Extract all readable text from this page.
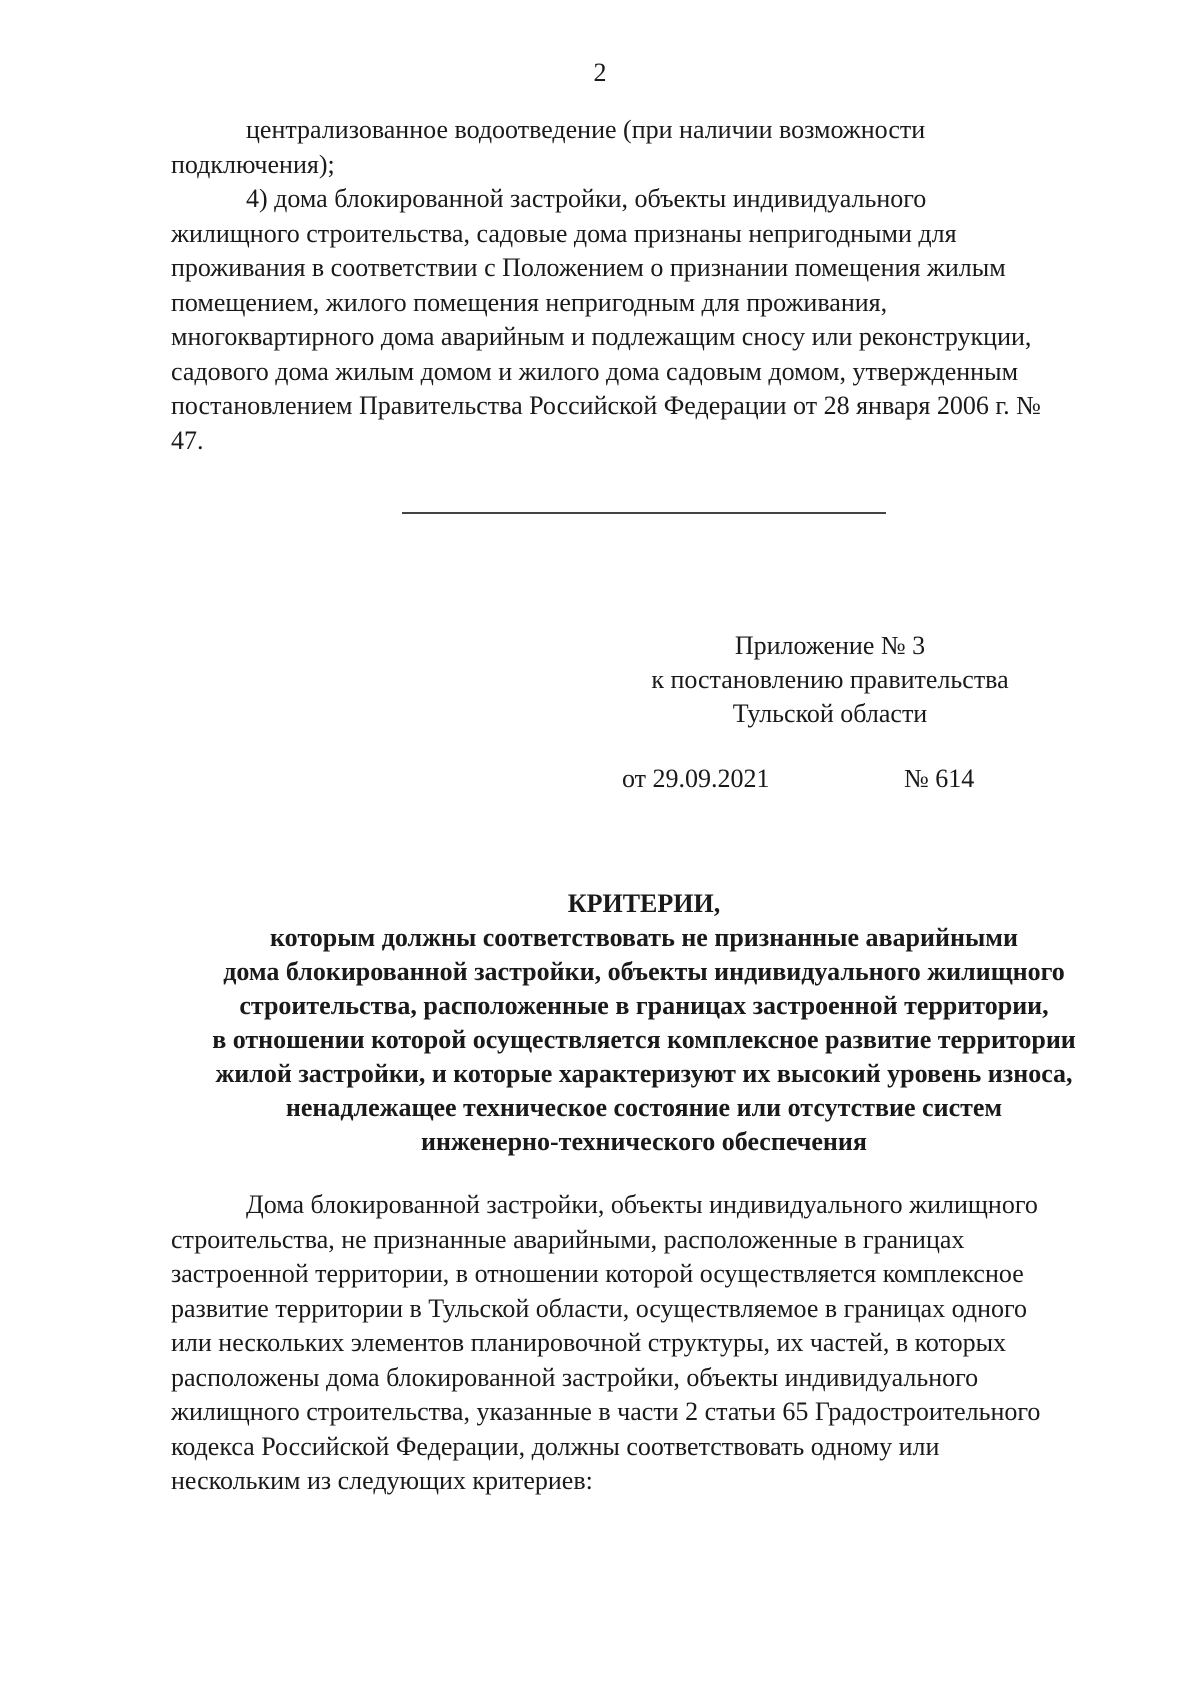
2
централизованное водоотведение (при наличии возможности
подключения);
4) дома блокированной застройки, объекты индивидуального
жилищного строительства, садовые дома признаны непригодными для
проживания в соответствии с Положением о признании помещения жилым
помещением, жилого помещения непригодным для проживания,
многоквартирного дома аварийным и подлежащим сносу или реконструкции,
садового дома жилым домом и жилого дома садовым домом, утвержденным
постановлением Правительства Российской Федерации от 28 января 2006 г. №
47.
Приложение № 3
к постановлению правительства
Тульской области
от 29.09.2021	№ 614
КРИТЕРИИ,
которым должны соответствовать не признанные аварийными
дома блокированной застройки, объекты индивидуального жилищного
строительства, расположенные в границах застроенной территории,
в отношении которой осуществляется комплексное развитие территории
жилой застройки, и которые характеризуют их высокий уровень износа,
ненадлежащее техническое состояние или отсутствие систем
инженерно-технического обеспечения
Дома блокированной застройки, объекты индивидуального жилищного
строительства, не признанные аварийными, расположенные в границах
застроенной территории, в отношении которой осуществляется комплексное
развитие территории в Тульской области, осуществляемое в границах одного
или нескольких элементов планировочной структуры, их частей, в которых
расположены дома блокированной застройки, объекты индивидуального
жилищного строительства, указанные в части 2 статьи 65 Градостроительного
кодекса Российской Федерации, должны соответствовать одному или
нескольким из следующих критериев:
